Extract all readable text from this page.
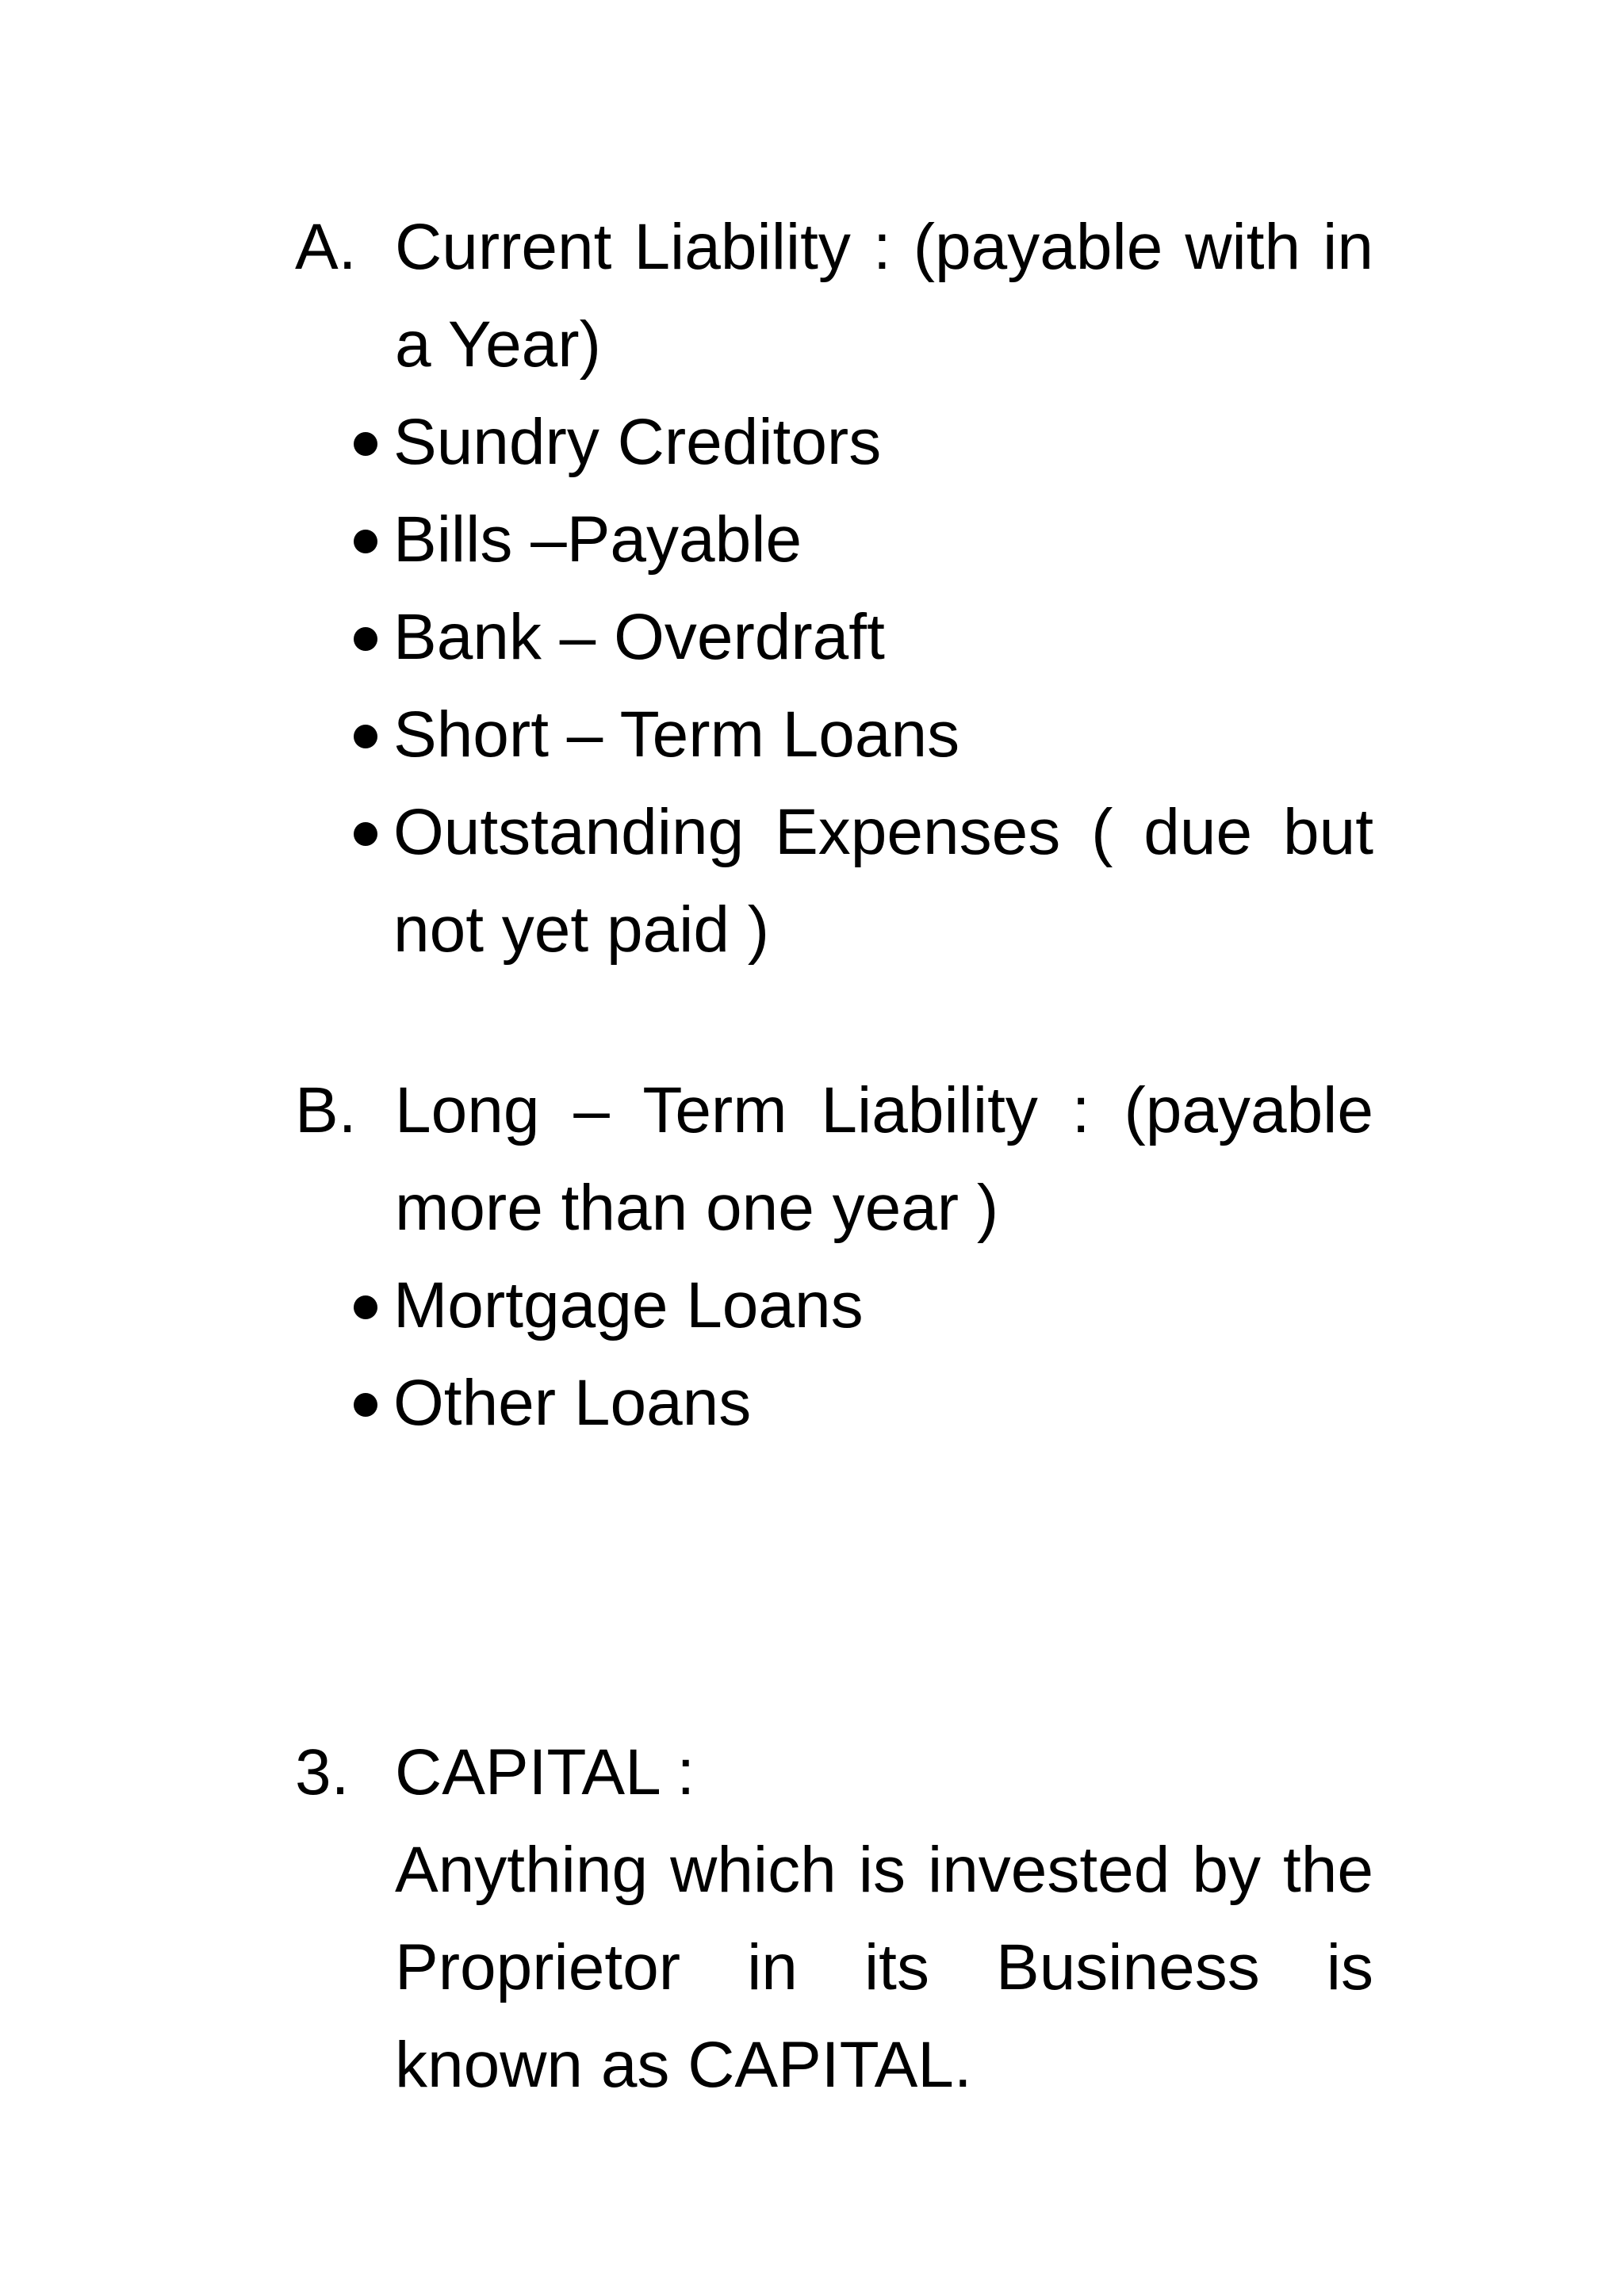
A. Current Liability : (payable with in a Year)
Sundry Creditors
Bills –Payable
Bank – Overdraft
Short – Term Loans
Outstanding Expenses ( due but not yet paid )
B. Long – Term Liability : (payable more than one year )
Mortgage Loans
Other Loans
3. CAPITAL :
Anything which is invested by the Proprietor in its Business is known as CAPITAL.
